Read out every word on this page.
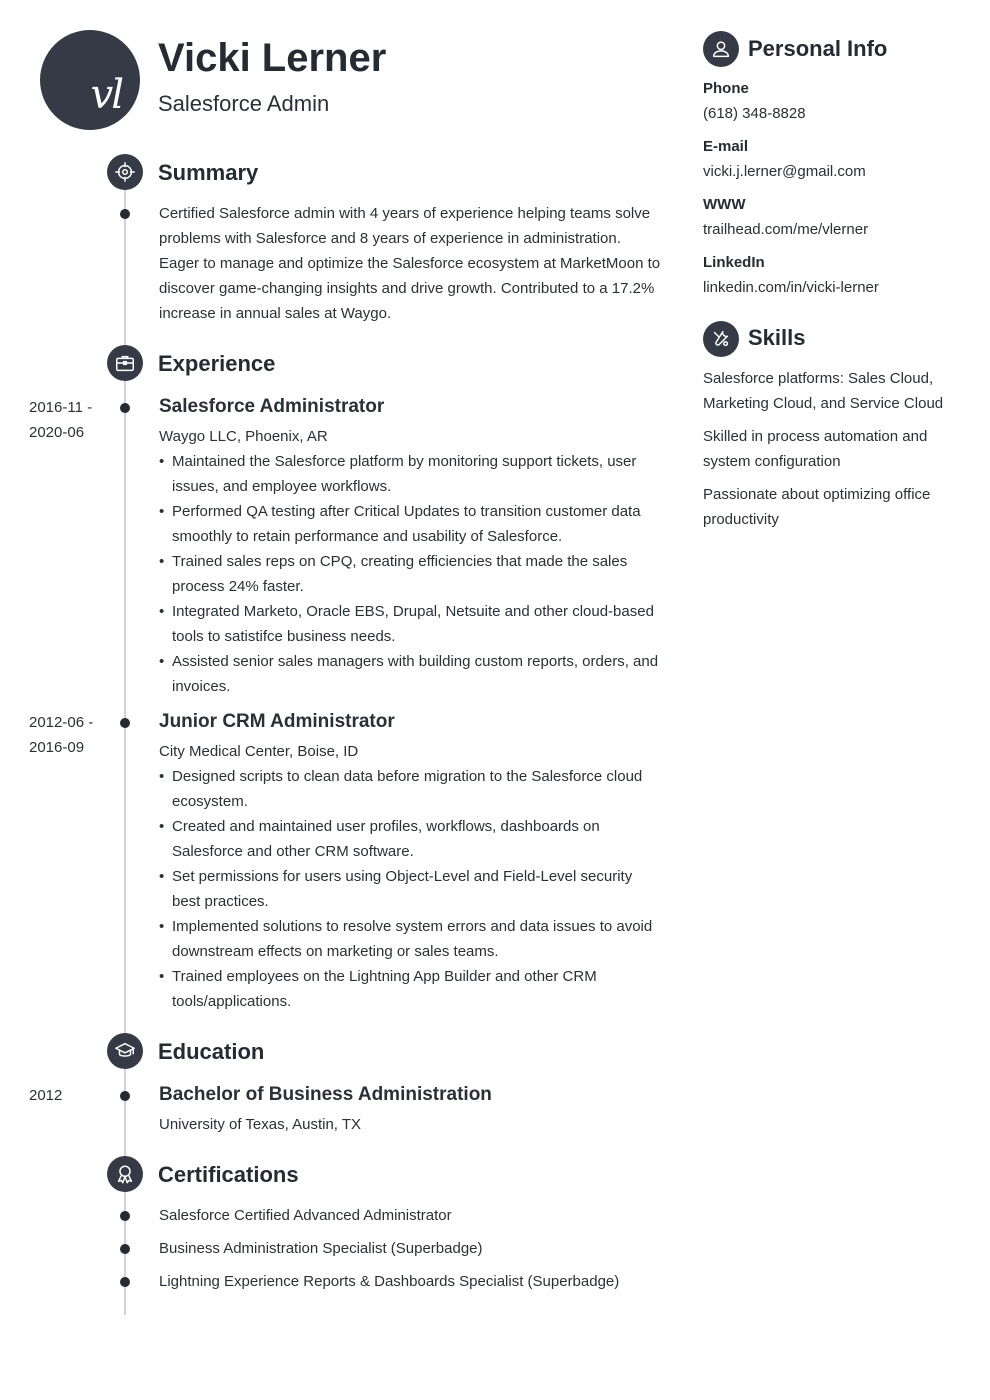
vl
Vicki Lerner
Salesforce Admin
Summary
Certified Salesforce admin with 4 years of experience helping teams solve problems with Salesforce and 8 years of experience in administration. Eager to manage and optimize the Salesforce ecosystem at MarketMoon to discover game-changing insights and drive growth. Contributed to a 17.2% increase in annual sales at Waygo.
Experience
2016-11 -
2020-06
Salesforce Administrator
Waygo LLC, Phoenix, AR
• Maintained the Salesforce platform by monitoring support tickets, user issues, and employee workflows.
• Performed QA testing after Critical Updates to transition customer data smoothly to retain performance and usability of Salesforce.
• Trained sales reps on CPQ, creating efficiencies that made the sales process 24% faster.
• Integrated Marketo, Oracle EBS, Drupal, Netsuite and other cloud-based tools to satistifce business needs.
• Assisted senior sales managers with building custom reports, orders, and invoices.
2012-06 -
2016-09
Junior CRM Administrator
City Medical Center, Boise, ID
• Designed scripts to clean data before migration to the Salesforce cloud ecosystem.
• Created and maintained user profiles, workflows, dashboards on Salesforce and other CRM software.
• Set permissions for users using Object-Level and Field-Level security best practices.
• Implemented solutions to resolve system errors and data issues to avoid downstream effects on marketing or sales teams.
• Trained employees on the Lightning App Builder and other CRM tools/applications.
Education
2012	Bachelor of Business Administration
University of Texas, Austin, TX
Certifications
Salesforce Certified Advanced Administrator
Business Administration Specialist (Superbadge)
Lightning Experience Reports & Dashboards Specialist (Superbadge)
Personal Info
Phone
(618) 348-8828
E-mail
vicki.j.lerner@gmail.com
WWW
trailhead.com/me/vlerner
LinkedIn
linkedin.com/in/vicki-lerner
Skills
Salesforce platforms: Sales Cloud, Marketing Cloud, and Service Cloud
Skilled in process automation and system configuration
Passionate about optimizing office productivity
